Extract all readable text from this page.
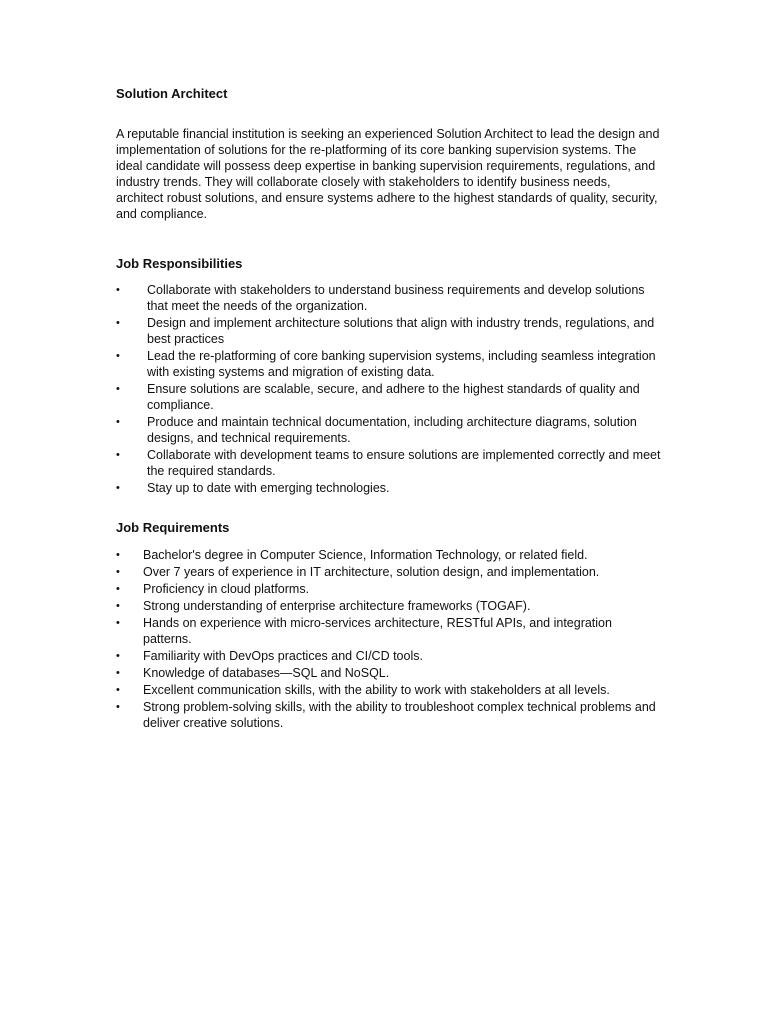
Solution Architect

A reputable financial institution is seeking an experienced Solution Architect to lead the design and implementation of solutions for the re-platforming of its core banking supervision systems. The ideal candidate will possess deep expertise in banking supervision requirements, regulations, and industry trends. They will collaborate closely with stakeholders to identify business needs, architect robust solutions, and ensure systems adhere to the highest standards of quality, security, and compliance.

Job Responsibilities
• Collaborate with stakeholders to understand business requirements and develop solutions that meet the needs of the organization.
• Design and implement architecture solutions that align with industry trends, regulations, and best practices
• Lead the re-platforming of core banking supervision systems, including seamless integration with existing systems and migration of existing data.
• Ensure solutions are scalable, secure, and adhere to the highest standards of quality and compliance.
• Produce and maintain technical documentation, including architecture diagrams, solution designs, and technical requirements.
• Collaborate with development teams to ensure solutions are implemented correctly and meet the required standards.
• Stay up to date with emerging technologies.
Job Requirements
• Bachelor's degree in Computer Science, Information Technology, or related field.
• Over 7 years of experience in IT architecture, solution design, and implementation.
• Proficiency in cloud platforms.
• Strong understanding of enterprise architecture frameworks (TOGAF).
• Hands on experience with micro-services architecture, RESTful APIs, and integration patterns.
• Familiarity with DevOps practices and CI/CD tools.
• Knowledge of databases—SQL and NoSQL.
• Excellent communication skills, with the ability to work with stakeholders at all levels.
• Strong problem-solving skills, with the ability to troubleshoot complex technical problems and deliver creative solutions.
